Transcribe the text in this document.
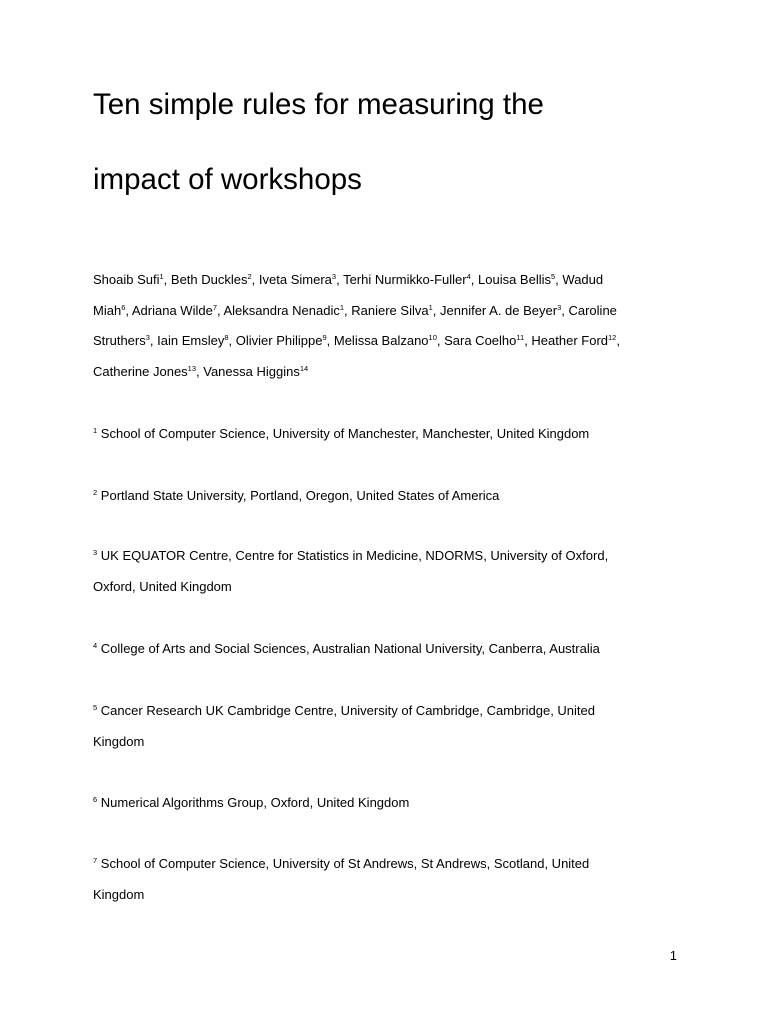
Ten simple rules for measuring the
impact of workshops
Shoaib Sufi$^1$, Beth Duckles$^2$, Iveta Simera$^3$, Terhi Nurmikko-Fuller$^4$, Louisa Bellis$^5$, Wadud
Miah$^6$, Adriana Wilde$^7$, Aleksandra Nenadic$^1$, Raniere Silva$^1$, Jennifer A. de Beyer$^3$, Caroline
Struthers$^3$, Iain Emsley$^8$, Olivier Philippe$^9$, Melissa Balzano$^{10}$, Sara Coelho$^{11}$, Heather Ford$^{12}$,
Catherine Jones$^{13}$, Vanessa Higgins$^{14}$
$^1$ School of Computer Science, University of Manchester, Manchester, United Kingdom
$^2$ Portland State University, Portland, Oregon, United States of America
$^3$ UK EQUATOR Centre, Centre for Statistics in Medicine, NDORMS, University of Oxford,
Oxford, United Kingdom
$^4$ College of Arts and Social Sciences, Australian National University, Canberra, Australia
$^5$ Cancer Research UK Cambridge Centre, University of Cambridge, Cambridge, United
Kingdom
$^6$ Numerical Algorithms Group, Oxford, United Kingdom
$^7$ School of Computer Science, University of St Andrews, St Andrews, Scotland, United
Kingdom
1
